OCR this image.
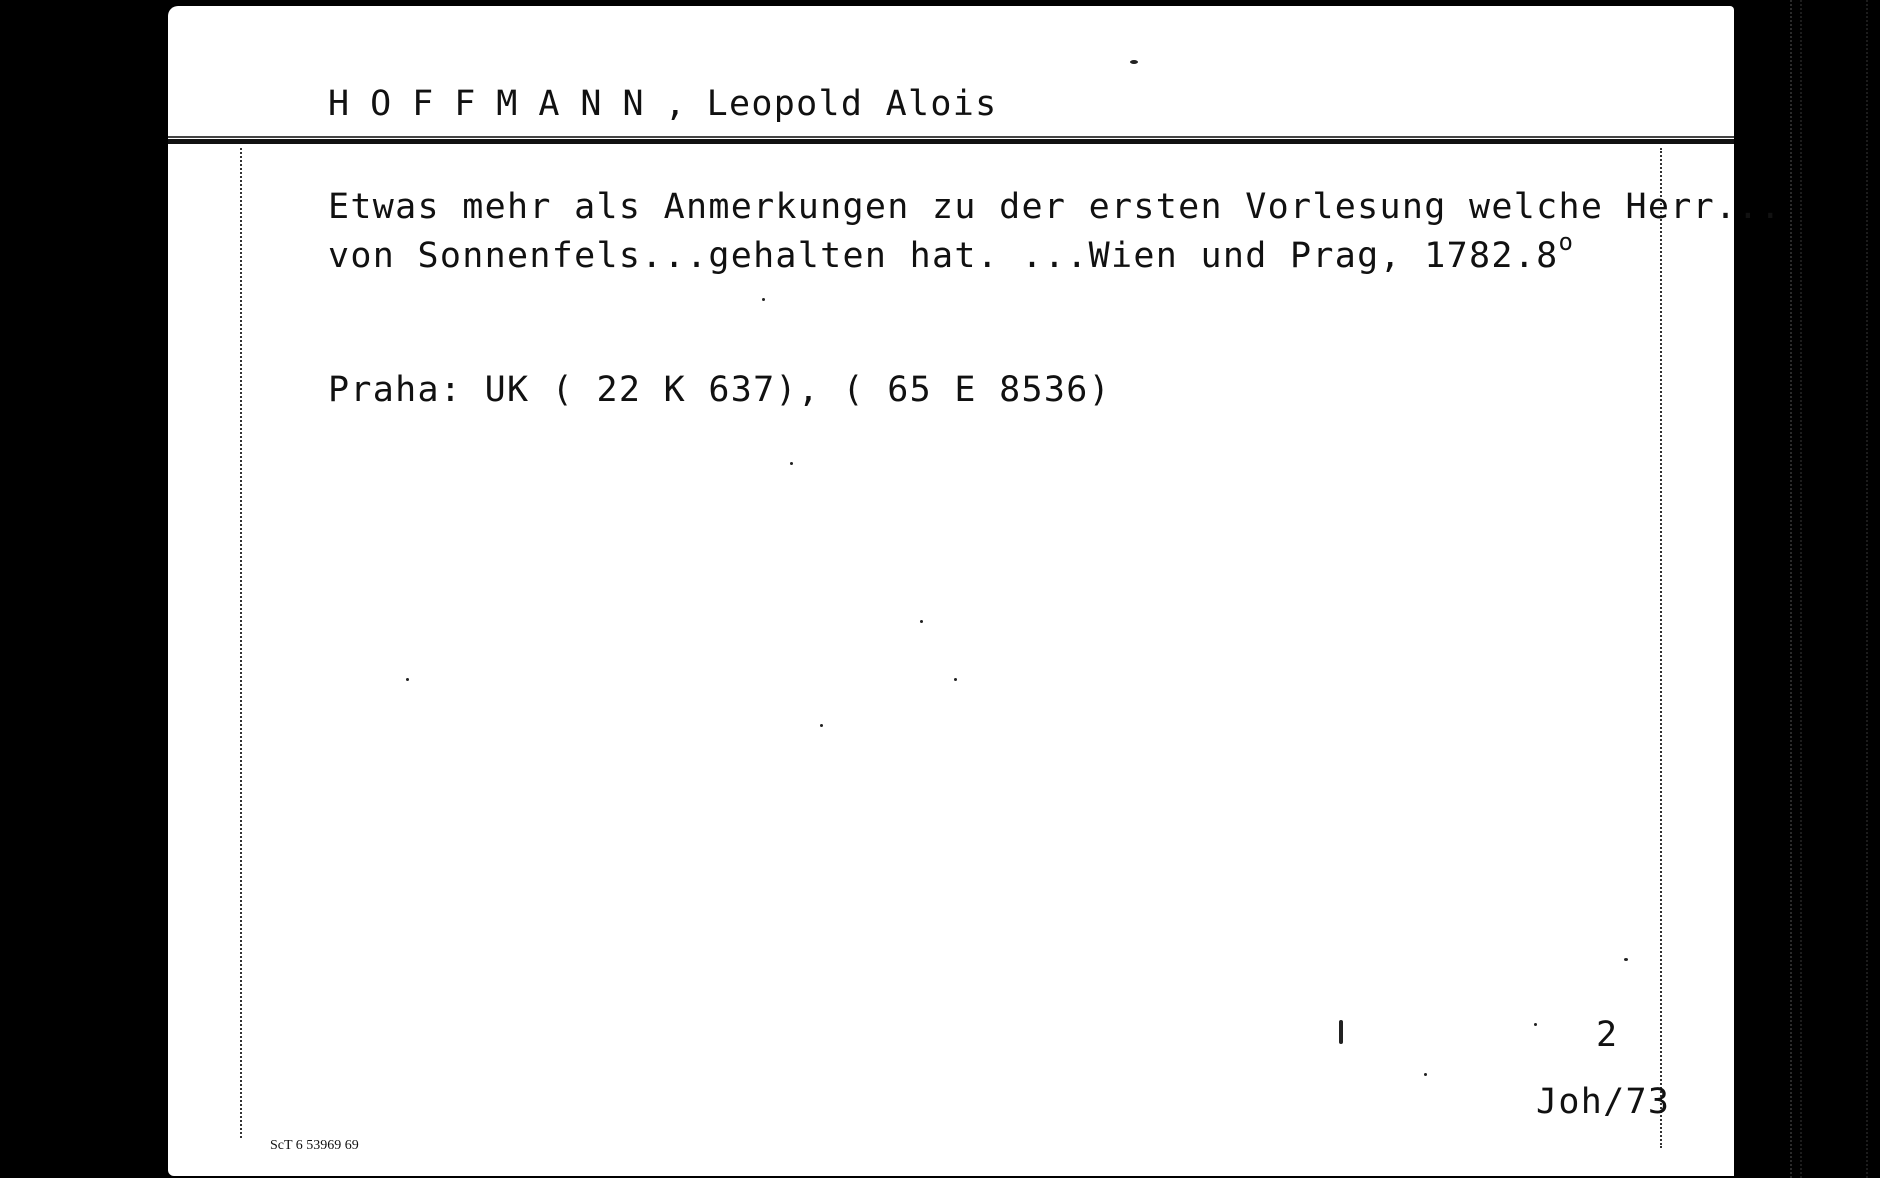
HOFFMANN,Leopold Alois
Etwas mehr als Anmerkungen zu der ersten Vorlesung welche Herr...
von Sonnenfels...gehalten hat. ...Wien und Prag, 1782.8$^o$
Praha: UK ( 22 K 637), ( 65 E 8536)
2
Joh/73
ScT 6 53969 69
